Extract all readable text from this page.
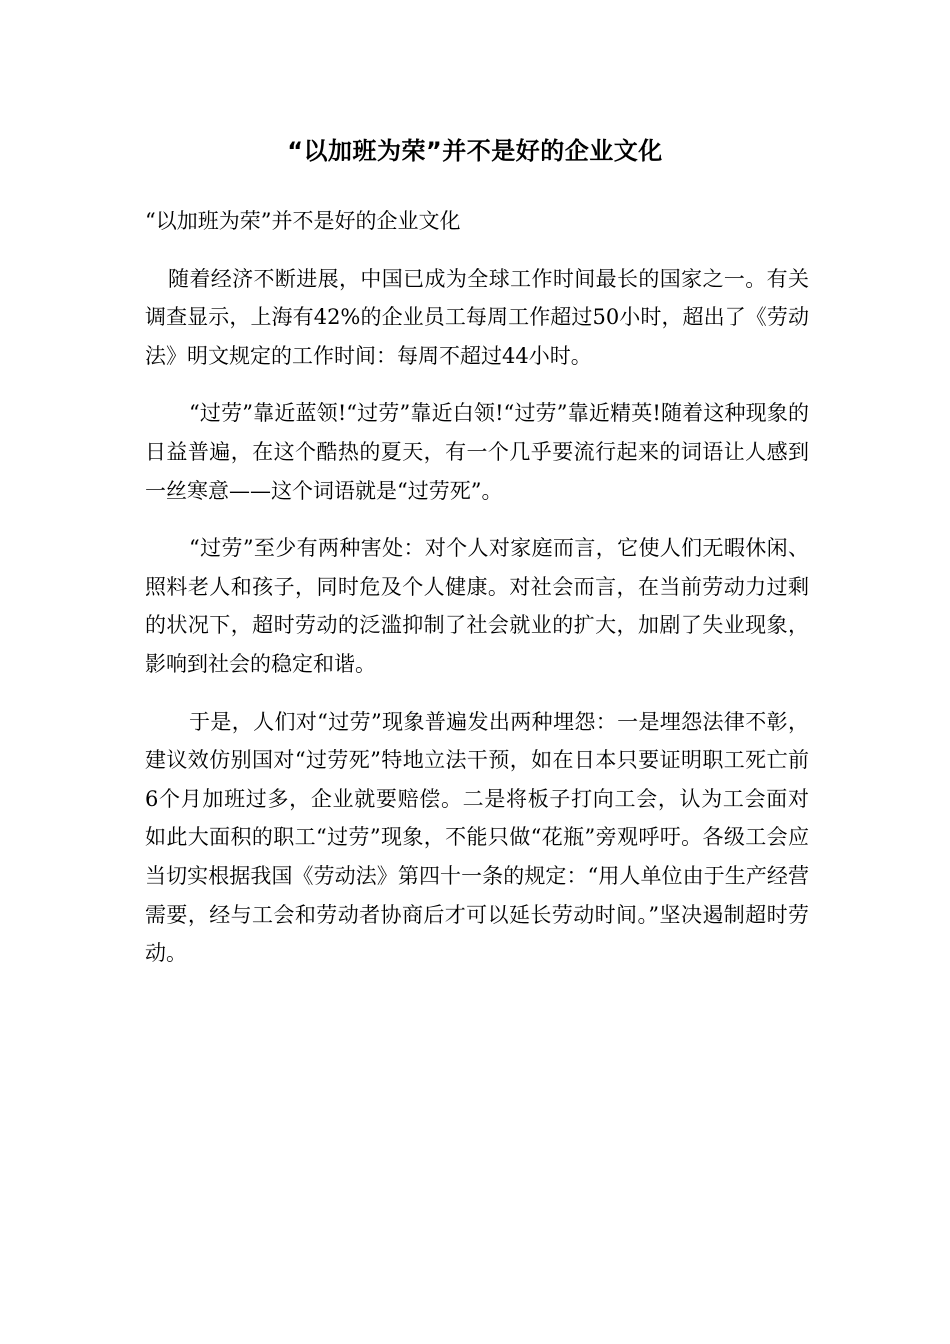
“以加班为荣”并不是好的企业文化

“以加班为荣”并不是好的企业文化

随着经济不断进展，中国已成为全球工作时间最长的国家之一。有关调查显示，上海有42%的企业员工每周工作超过50小时，超出了《劳动法》明文规定的工作时间：每周不超过44小时。

“过劳”靠近蓝领!“过劳”靠近白领!“过劳”靠近精英!随着这种现象的日益普遍，在这个酷热的夏天，有一个几乎要流行起来的词语让人感到一丝寒意——这个词语就是“过劳死”。

“过劳”至少有两种害处：对个人对家庭而言，它使人们无暇休闲、照料老人和孩子，同时危及个人健康。对社会而言，在当前劳动力过剩的状况下，超时劳动的泛滥抑制了社会就业的扩大，加剧了失业现象，影响到社会的稳定和谐。

于是，人们对“过劳”现象普遍发出两种埋怨：一是埋怨法律不彰，建议效仿别国对“过劳死”特地立法干预，如在日本只要证明职工死亡前6个月加班过多，企业就要赔偿。二是将板子打向工会，认为工会面对如此大面积的职工“过劳”现象，不能只做“花瓶”旁观呼吁。各级工会应当切实根据我国《劳动法》第四十一条的规定：“用人单位由于生产经营需要，经与工会和劳动者协商后才可以延长劳动时间。”坚决遏制超时劳动。
